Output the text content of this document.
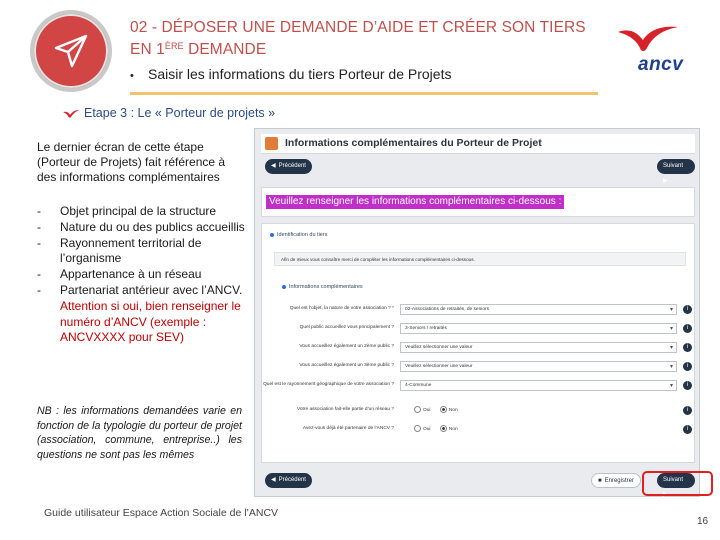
02 - DÉPOSER UNE DEMANDE D’AIDE ET CRÉER SON TIERS EN 1ÈRE DEMANDE
• Saisir les informations du tiers Porteur de Projets	ancv
Etape 3 : Le « Porteur de projets »
Le dernier écran de cette étape (Porteur de Projets) fait référence à des informations complémentaires
- Objet principal de la structure
- Nature du ou des publics accueillis
- Rayonnement territorial de l’organisme
- Appartenance à un réseau
- Partenariat antérieur avec l’ANCV.
Attention si oui, bien renseigner le numéro d’ANCV (exemple : ANCVXXXX pour SEV)
NB : les informations demandées varie en fonction de la typologie du porteur de projet (association, commune, entreprise..) les questions ne sont pas les mêmes
Guide utilisateur Espace Action Sociale de l’ANCV
16
Informations complémentaires du Porteur de Projet
◀ Précédent	Suivant ▶
Veuillez renseigner les informations complémentaires ci-dessous :
Identification du tiers
Afin de mieux vous connaître merci de compléter les informations complémentaires ci-dessous.
Informations complémentaires
Quel est l’objet, la nature de votre association ? *	02-Associations de retraités, de seniors ▾	i
Quel public accueillez vous principalement ?	3-Seniors / retraités ▾	i
Vous accueillez également un 2ème public ?	Veuillez sélectionner une valeur ▾	i
Vous accueillez également un 3ème public ?	Veuillez sélectionner une valeur ▾	i
Quel est le rayonnement géographique de votre association ?	4-Commune ▾	i
Votre association fait-elle partie d’un réseau ?	Oui	Non	i
Avez-vous déjà été partenaire de l’ANCV ?	Oui	Non	i
◀ Précédent	■ Enregistrer	Suivant ▶
